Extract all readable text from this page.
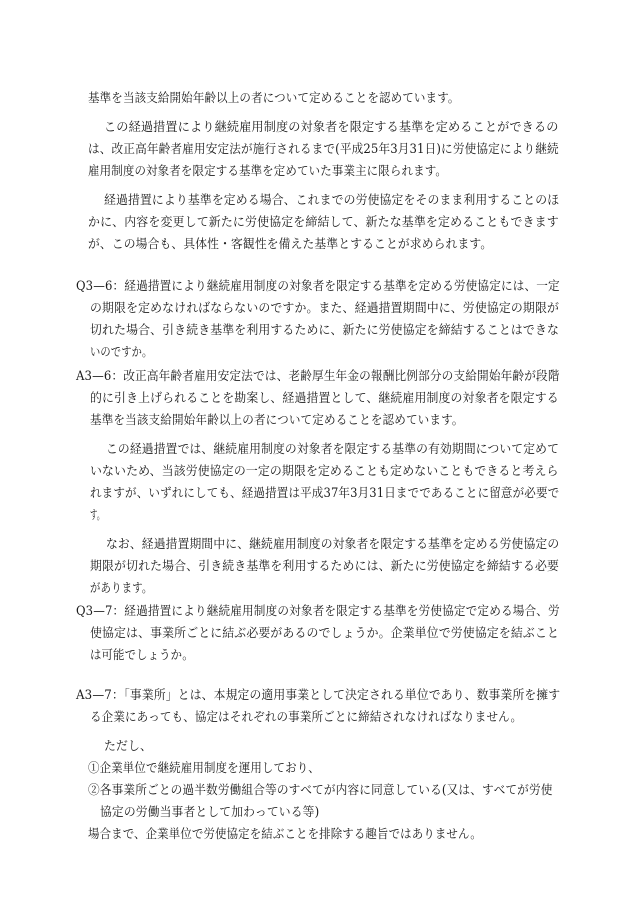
基準を当該支給開始年齢以上の者について定めることを認めています。
この経過措置により継続雇用制度の対象者を限定する基準を定めることができるの
は、改正高年齢者雇用安定法が施行されるまで(平成25年3月31日)に労使協定により継続
雇用制度の対象者を限定する基準を定めていた事業主に限られます。
経過措置により基準を定める場合、これまでの労使協定をそのまま利用することのほ
かに、内容を変更して新たに労使協定を締結して、新たな基準を定めることもできます
が、この場合も、具体性・客観性を備えた基準とすることが求められます。
Q3—6：経過措置により継続雇用制度の対象者を限定する基準を定める労使協定には、一定
の期限を定めなければならないのですか。また、経過措置期間中に、労使協定の期限が
切れた場合、引き続き基準を利用するために、新たに労使協定を締結することはできな
いのですか。
A3—6：改正高年齢者雇用安定法では、老齢厚生年金の報酬比例部分の支給開始年齢が段階
的に引き上げられることを勘案し、経過措置として、継続雇用制度の対象者を限定する
基準を当該支給開始年齢以上の者について定めることを認めています。
この経過措置では、継続雇用制度の対象者を限定する基準の有効期間について定めて
いないため、当該労使協定の一定の期限を定めることも定めないこともできると考えら
れますが、いずれにしても、経過措置は平成37年3月31日までであることに留意が必要で
す。
なお、経過措置期間中に、継続雇用制度の対象者を限定する基準を定める労使協定の
期限が切れた場合、引き続き基準を利用するためには、新たに労使協定を締結する必要
があります。
Q3—7：経過措置により継続雇用制度の対象者を限定する基準を労使協定で定める場合、労
使協定は、事業所ごとに結ぶ必要があるのでしょうか。企業単位で労使協定を結ぶこと
は可能でしょうか。
A3—7：「事業所」とは、本規定の適用事業として決定される単位であり、数事業所を擁す
る企業にあっても、協定はそれぞれの事業所ごとに締結されなければなりません。
ただし、
①企業単位で継続雇用制度を運用しており、
②各事業所ごとの過半数労働組合等のすべてが内容に同意している(又は、すべてが労使
協定の労働当事者として加わっている等)
場合まで、企業単位で労使協定を結ぶことを排除する趣旨ではありません。
